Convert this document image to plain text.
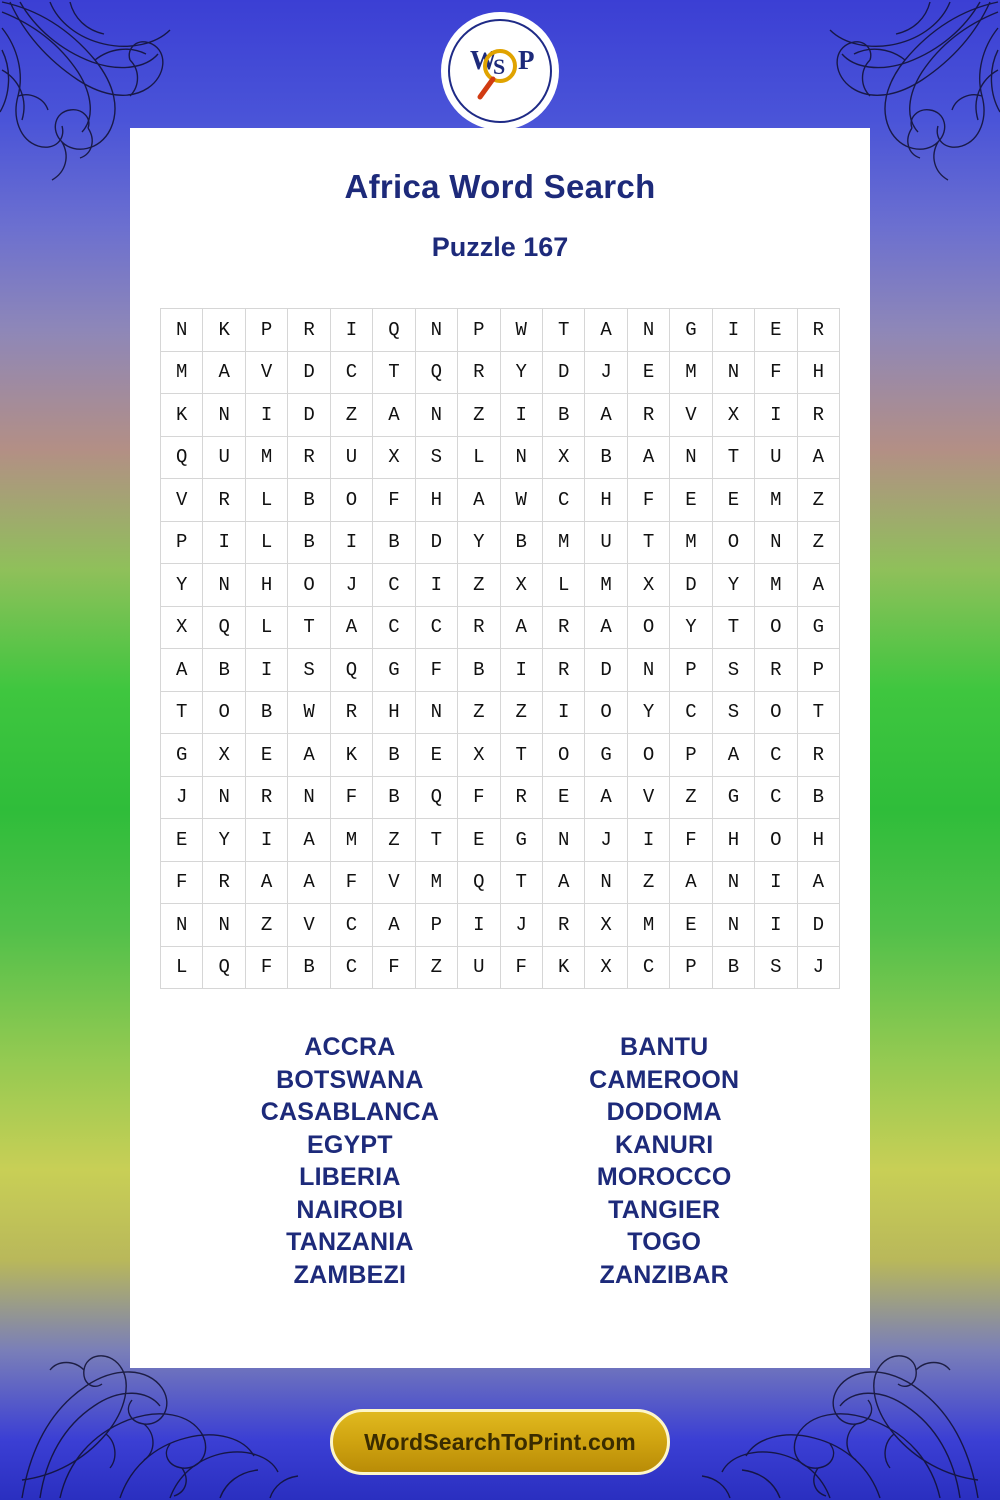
W
S P
Africa Word Search
Puzzle 167
N	K	P	R	I	Q	N	P	W	T	A	N	G	I	E	R
M	A	V	D	C	T	Q	R	Y	D	J	E	M	N	F	H
K	N	I	D	Z	A	N	Z	I	B	A	R	V	X	I	R
Q	U	M	R	U	X	S	L	N	X	B	A	N	T	U	A
V	R	L	B	O	F	H	A	W	C	H	F	E	E	M	Z
P	I	L	B	I	B	D	Y	B	M	U	T	M	O	N	Z
Y	N	H	O	J	C	I	Z	X	L	M	X	D	Y	M	A
X	Q	L	T	A	C	C	R	A	R	A	O	Y	T	O	G
A	B	I	S	Q	G	F	B	I	R	D	N	P	S	R	P
T	O	B	W	R	H	N	Z	Z	I	O	Y	C	S	O	T
G	X	E	A	K	B	E	X	T	O	G	O	P	A	C	R
J	N	R	N	F	B	Q	F	R	E	A	V	Z	G	C	B
E	Y	I	A	M	Z	T	E	G	N	J	I	F	H	O	H
F	R	A	A	F	V	M	Q	T	A	N	Z	A	N	I	A
N	N	Z	V	C	A	P	I	J	R	X	M	E	N	I	D
L	Q	F	B	C	F	Z	U	F	K	X	C	P	B	S	J
ACCRA
BOTSWANA
CASABLANCA
EGYPT
LIBERIA
NAIROBI
TANZANIA
ZAMBEZI
BANTU
CAMEROON
DODOMA
KANURI
MOROCCO
TANGIER
TOGO
ZANZIBAR
WordSearchToPrint.com
